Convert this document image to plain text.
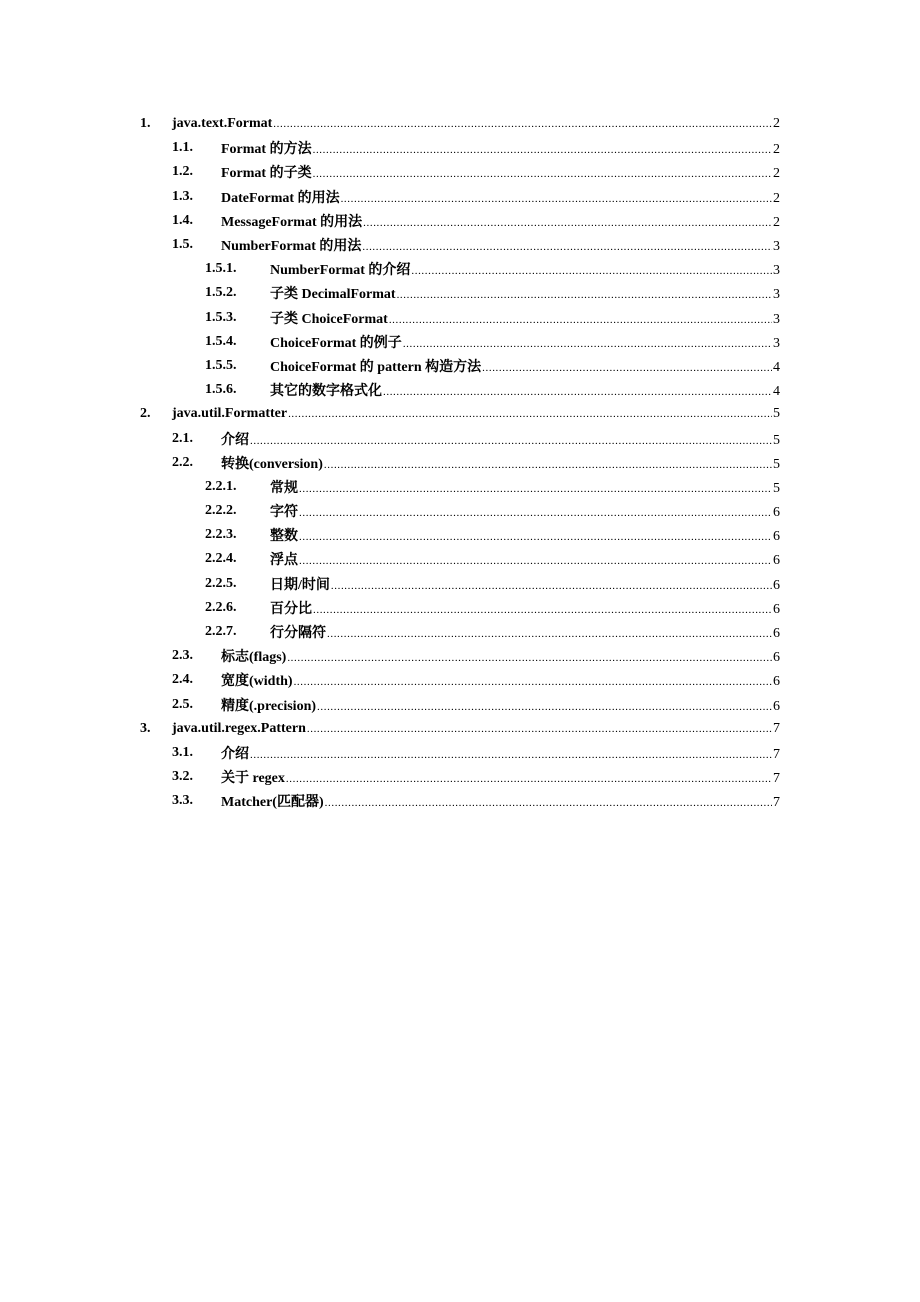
1. java.text.Format .....	2
1.1. Format 的方法 .....	2
1.2. Format 的子类 .....	2
1.3. DateFormat 的用法 .....	2
1.4. MessageFormat 的用法 .....	2
1.5. NumberFormat 的用法 .....	3
1.5.1. NumberFormat 的介绍 .....	3
1.5.2. 子类 DecimalFormat .....	3
1.5.3. 子类 ChoiceFormat .....	3
1.5.4. ChoiceFormat 的例子 .....	3
1.5.5. ChoiceFormat 的 pattern 构造方法 .....	4
1.5.6. 其它的数字格式化 .....	4
2. java.util.Formatter .....	5
2.1. 介绍 .....	5
2.2. 转换(conversion) .....	5
2.2.1. 常规 .....	5
2.2.2. 字符 .....	6
2.2.3. 整数 .....	6
2.2.4. 浮点 .....	6
2.2.5. 日期/时间 .....	6
2.2.6. 百分比 .....	6
2.2.7. 行分隔符 .....	6
2.3. 标志(flags) .....	6
2.4. 宽度(width) .....	6
2.5. 精度(.precision) .....	6
3. java.util.regex.Pattern .....	7
3.1. 介绍 .....	7
3.2. 关于 regex .....	7
3.3. Matcher(匹配器) .....	7
